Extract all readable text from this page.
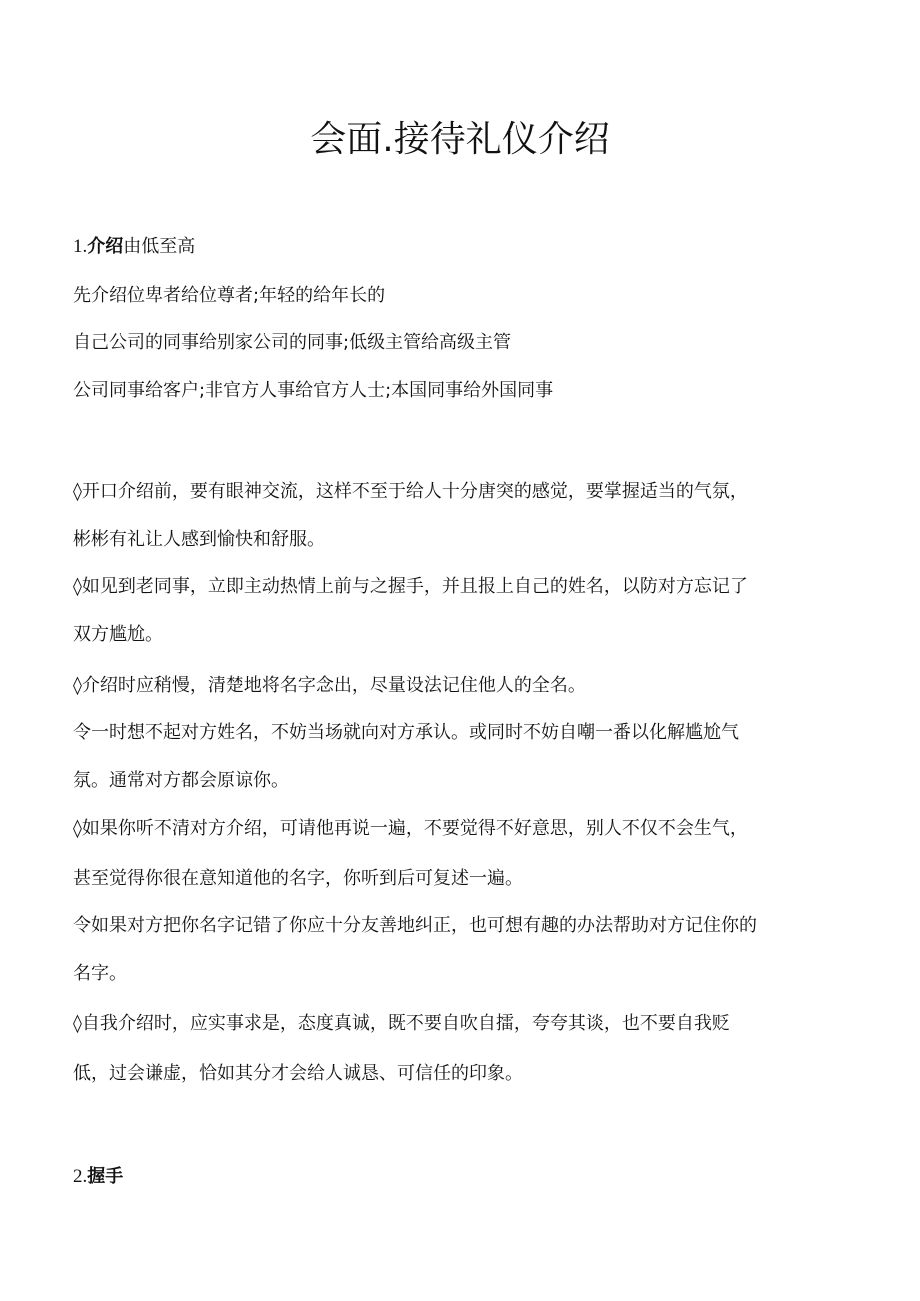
会面.接待礼仪介绍

1.介绍由低至高

先介绍位卑者给位尊者;年轻的给年长的

自己公司的同事给别家公司的同事;低级主管给高级主管

公司同事给客户;非官方人事给官方人士;本国同事给外国同事

◊开口介绍前，要有眼神交流，这样不至于给人十分唐突的感觉，要掌握适当的气氛，

彬彬有礼让人感到愉快和舒服。

◊如见到老同事，立即主动热情上前与之握手，并且报上自己的姓名，以防对方忘记了

双方尴尬。

◊介绍时应稍慢，清楚地将名字念出，尽量设法记住他人的全名。

令一时想不起对方姓名，不妨当场就向对方承认。或同时不妨自嘲一番以化解尴尬气

氛。通常对方都会原谅你。

◊如果你听不清对方介绍，可请他再说一遍，不要觉得不好意思，别人不仅不会生气，

甚至觉得你很在意知道他的名字，你听到后可复述一遍。

令如果对方把你名字记错了你应十分友善地纠正，也可想有趣的办法帮助对方记住你的

名字。

◊自我介绍时，应实事求是，态度真诚，既不要自吹自擂，夸夸其谈，也不要自我贬

低，过会谦虚，恰如其分才会给人诚恳、可信任的印象。

2.握手
